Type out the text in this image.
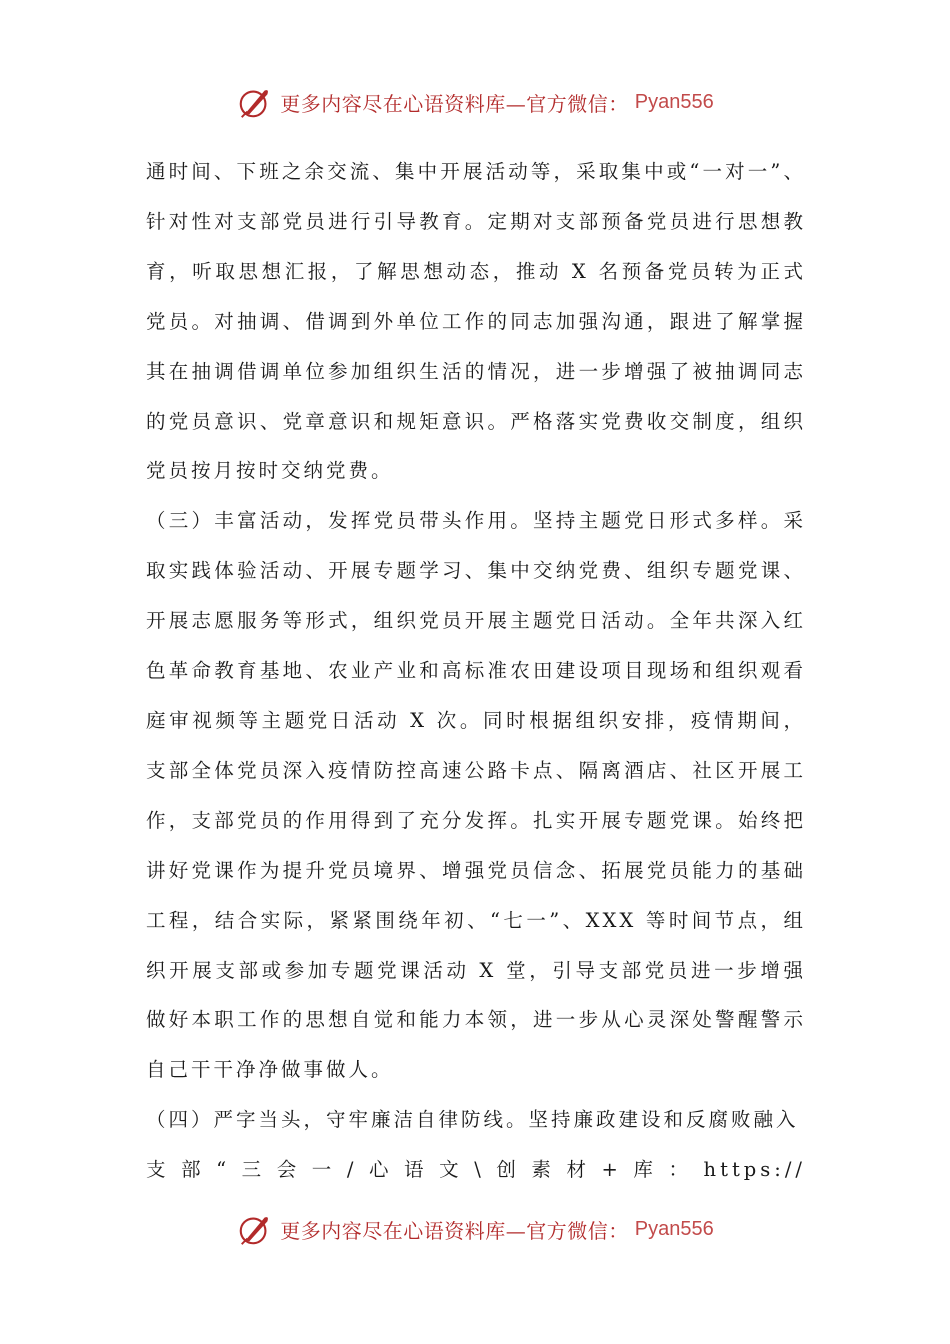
更多内容尽在心语资料库—官方微信： Pyan556

通时间、下班之余交流、集中开展活动等，采取集中或“一对一”、针对性对支部党员进行引导教育。定期对支部预备党员进行思想教育，听取思想汇报，了解思想动态，推动 X 名预备党员转为正式党员。对抽调、借调到外单位工作的同志加强沟通，跟进了解掌握其在抽调借调单位参加组织生活的情况，进一步增强了被抽调同志的党员意识、党章意识和规矩意识。严格落实党费收交制度，组织党员按月按时交纳党费。

（三）丰富活动，发挥党员带头作用。坚持主题党日形式多样。采取实践体验活动、开展专题学习、集中交纳党费、组织专题党课、开展志愿服务等形式，组织党员开展主题党日活动。全年共深入红色革命教育基地、农业产业和高标准农田建设项目现场和组织观看庭审视频等主题党日活动 X 次。同时根据组织安排，疫情期间，支部全体党员深入疫情防控高速公路卡点、隔离酒店、社区开展工作，支部党员的作用得到了充分发挥。扎实开展专题党课。始终把讲好党课作为提升党员境界、增强党员信念、拓展党员能力的基础工程，结合实际，紧紧围绕年初、“七一”、XXX 等时间节点，组织开展支部或参加专题党课活动 X 堂，引导支部党员进一步增强做好本职工作的思想自觉和能力本领，进一步从心灵深处警醒警示自己干干净净做事做人。

（四）严字当头，守牢廉洁自律防线。坚持廉政建设和反腐败融入

支部“三会一/心语文\创素材+库：https://

更多内容尽在心语资料库—官方微信： Pyan556
